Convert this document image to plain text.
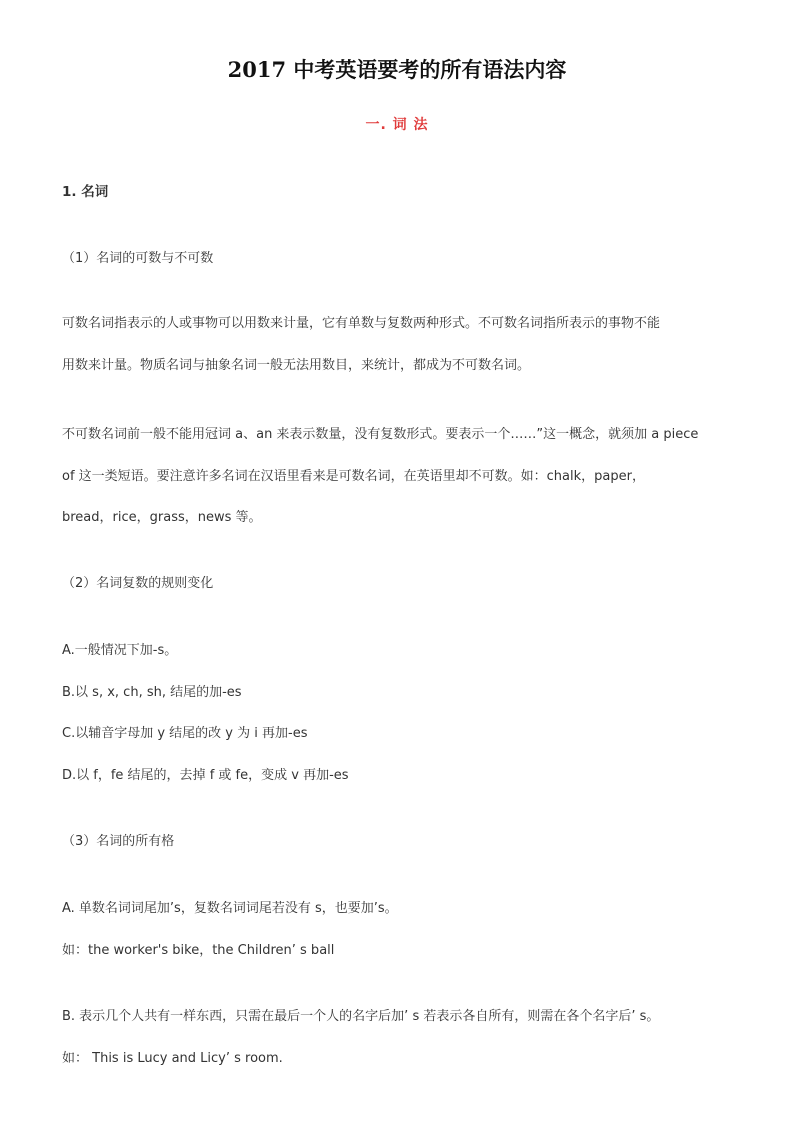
2017 中考英语要考的所有语法内容
一. 词 法
1. 名词
（1）名词的可数与不可数
可数名词指表示的人或事物可以用数来计量，它有单数与复数两种形式。不可数名词指所表示的事物不能
用数来计量。物质名词与抽象名词一般无法用数目，来统计，都成为不可数名词。
不可数名词前一般不能用冠词 a、an 来表示数量，没有复数形式。要表示一个……”这一概念，就须加 a piece
of 这一类短语。要注意许多名词在汉语里看来是可数名词，在英语里却不可数。如：chalk，paper，
bread，rice，grass，news 等。
（2）名词复数的规则变化
A.一般情况下加-s。
B.以 s, x, ch, sh, 结尾的加-es
C.以辅音字母加 y 结尾的改 y 为 i 再加-es
D.以 f，fe 结尾的，去掉 f 或 fe，变成 v 再加-es
（3）名词的所有格
A. 单数名词词尾加’s，复数名词词尾若没有 s，也要加’s。
如：the worker's bike，the Children’ s ball
B. 表示几个人共有一样东西，只需在最后一个人的名字后加’ s 若表示各自所有，则需在各个名字后’ s。
如： This is Lucy and Licy’ s room.
